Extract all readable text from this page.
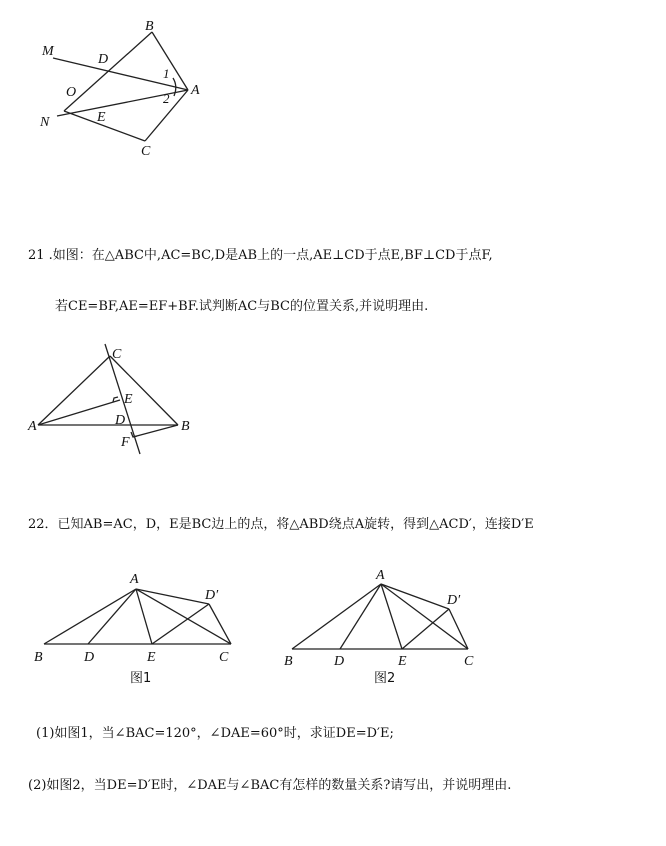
B
M
D
O	A
N	E
C
1
2
21 .如图：在△ABC中,AC=BC,D是AB上的一点,AE⊥CD于点E,BF⊥CD于点F,
若CE=BF,AE=EF+BF.试判断AC与BC的位置关系,并说明理由.
C
E
A	D	B
F
22．已知AB=AC，D，E是BC边上的点，将△ABD绕点A旋转，得到△ACD′，连接D′E
A
D′
B	D	E	C
图1
A
D′
B	D	E	C
图2
(1)如图1，当∠BAC=120°，∠DAE=60°时，求证DE=D′E;
(2)如图2，当DE=D′E时，∠DAE与∠BAC有怎样的数量关系?请写出，并说明理由.
